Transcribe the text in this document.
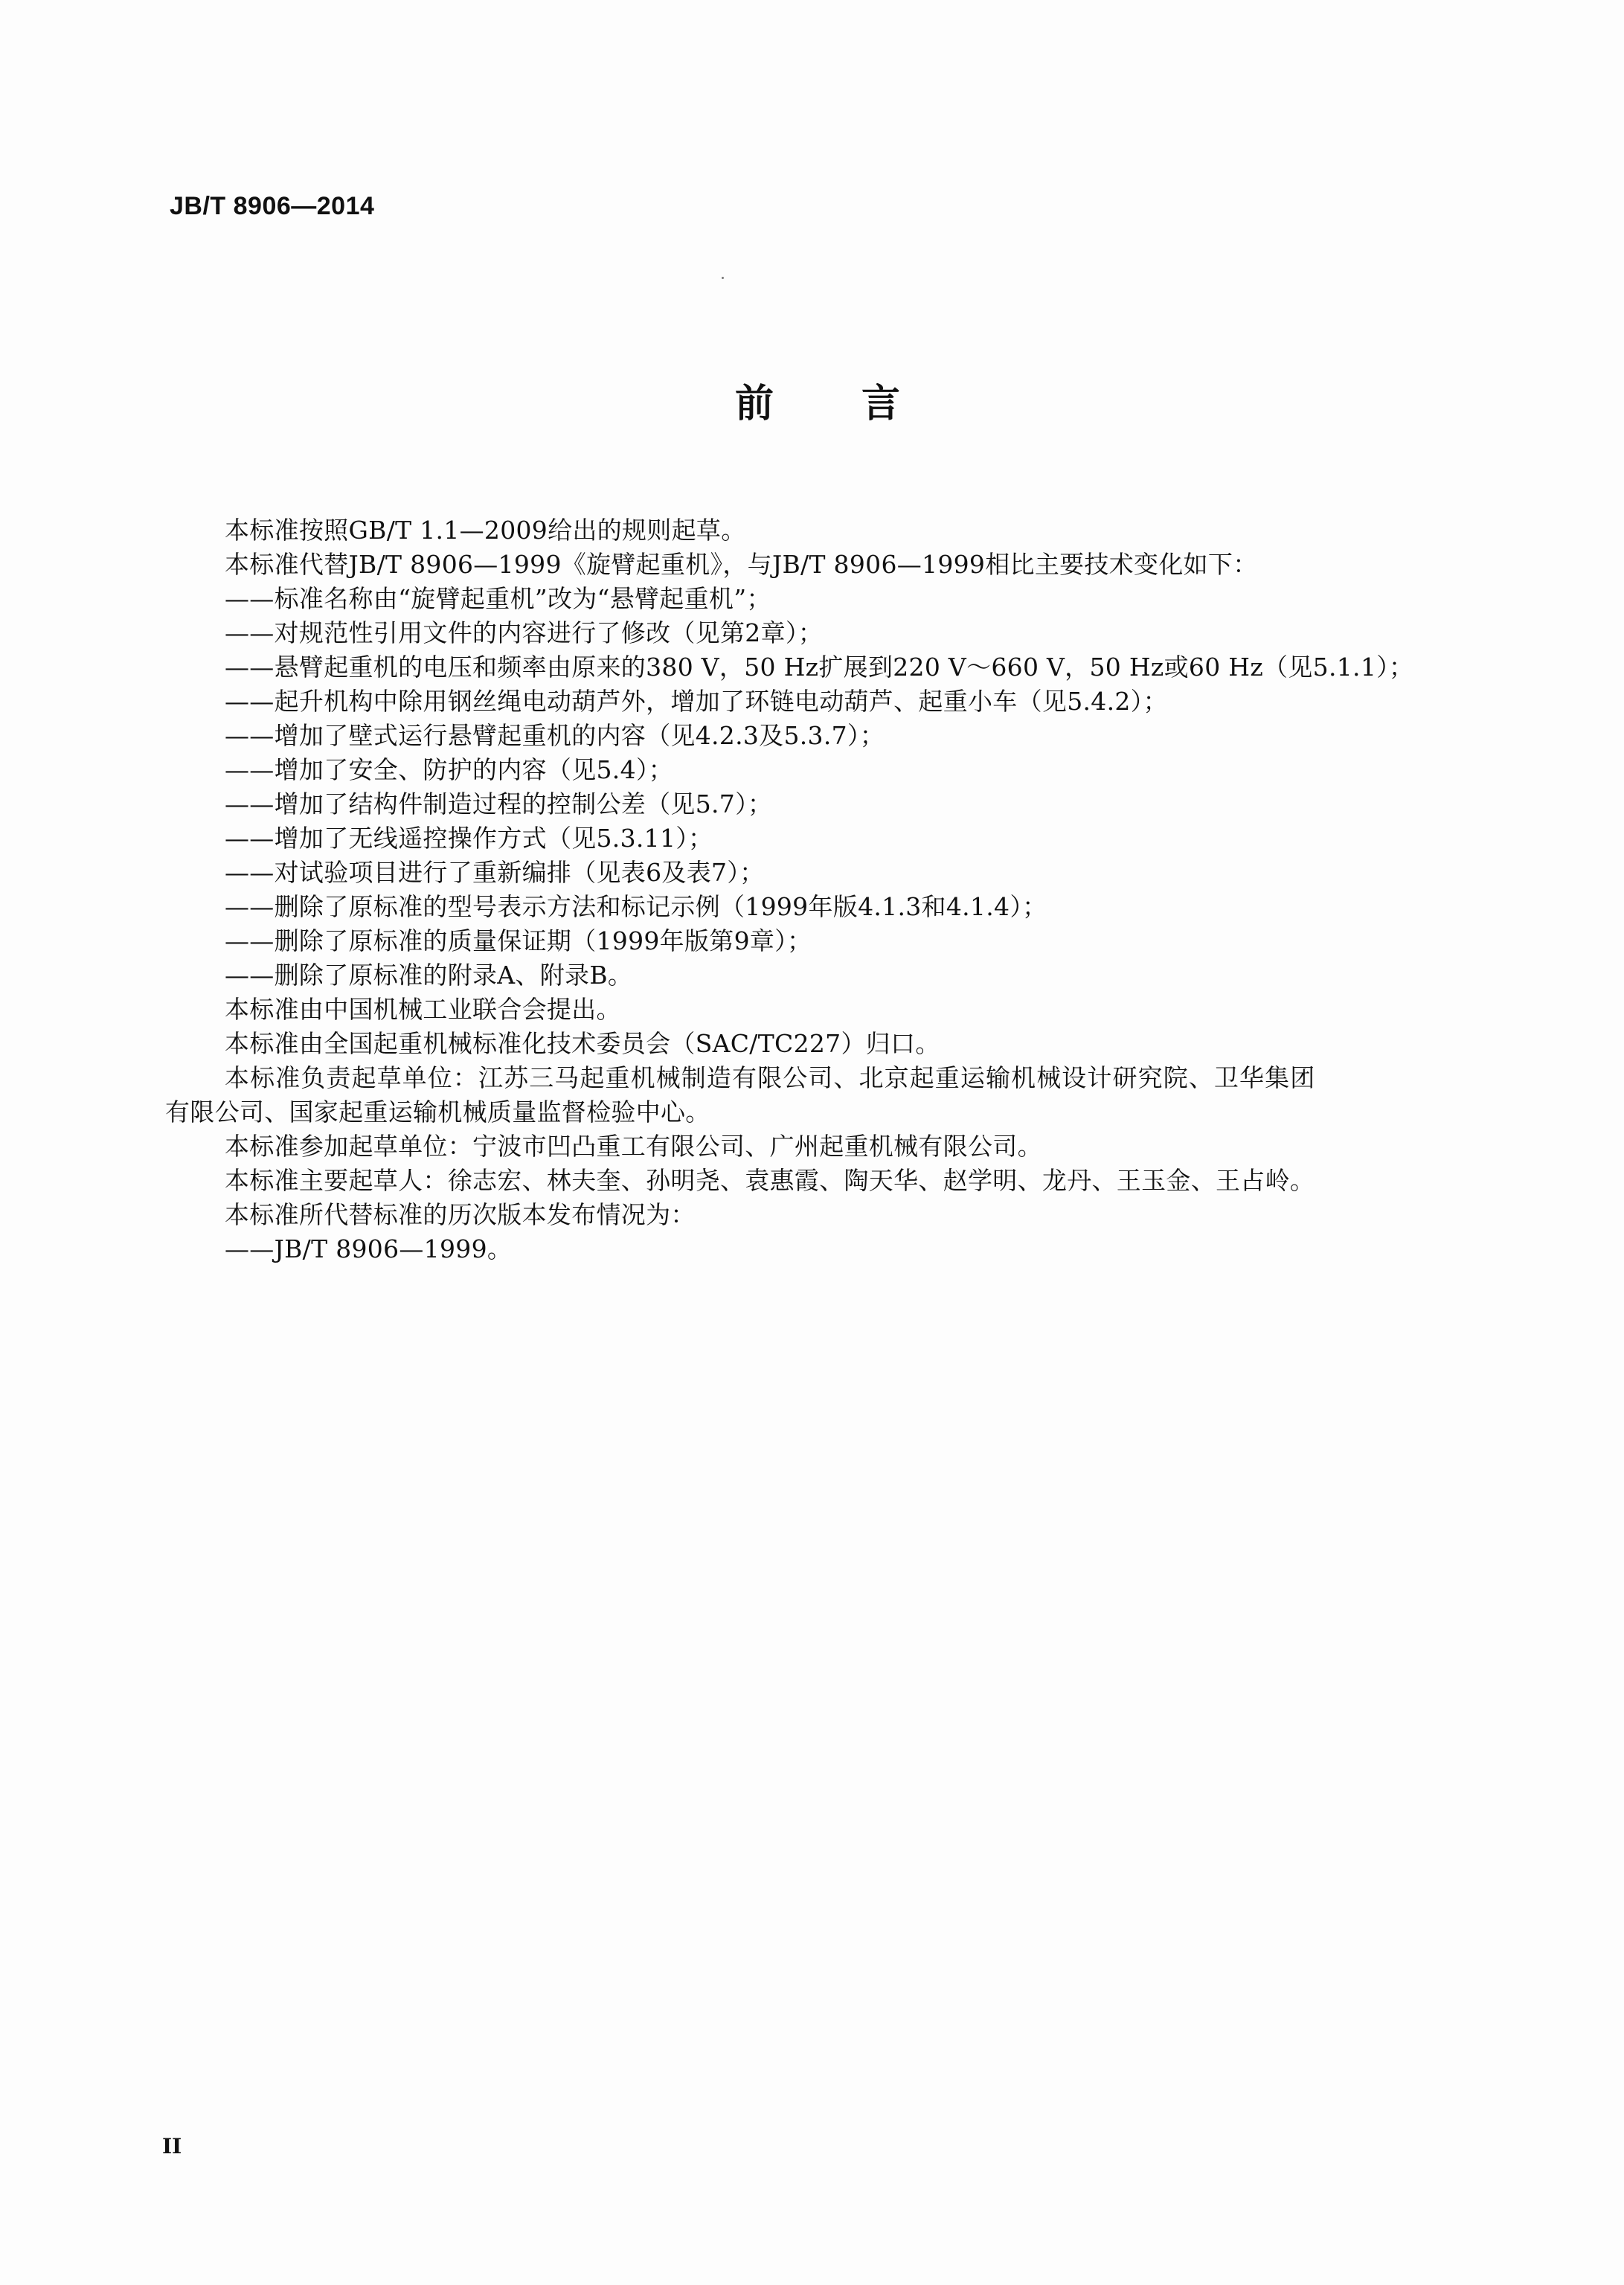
JB/T 8906—2014
前言
本标准按照GB/T 1.1—2009给出的规则起草。
本标准代替JB/T 8906—1999《旋臂起重机》，与JB/T 8906—1999相比主要技术变化如下：
——标准名称由“旋臂起重机”改为“悬臂起重机”；
——对规范性引用文件的内容进行了修改（见第2章）；
——悬臂起重机的电压和频率由原来的380 V，50 Hz扩展到220 V～660 V，50 Hz或60 Hz（见5.1.1）；
——起升机构中除用钢丝绳电动葫芦外，增加了环链电动葫芦、起重小车（见5.4.2）；
——增加了壁式运行悬臂起重机的内容（见4.2.3及5.3.7）；
——增加了安全、防护的内容（见5.4）；
——增加了结构件制造过程的控制公差（见5.7）；
——增加了无线遥控操作方式（见5.3.11）；
——对试验项目进行了重新编排（见表6及表7）；
——删除了原标准的型号表示方法和标记示例（1999年版4.1.3和4.1.4）；
——删除了原标准的质量保证期（1999年版第9章）；
——删除了原标准的附录A、附录B。
本标准由中国机械工业联合会提出。
本标准由全国起重机械标准化技术委员会（SAC/TC227）归口。
本标准负责起草单位：江苏三马起重机械制造有限公司、北京起重运输机械设计研究院、卫华集团
有限公司、国家起重运输机械质量监督检验中心。
本标准参加起草单位：宁波市凹凸重工有限公司、广州起重机械有限公司。
本标准主要起草人：徐志宏、林夫奎、孙明尧、袁惠霞、陶天华、赵学明、龙丹、王玉金、王占岭。
本标准所代替标准的历次版本发布情况为：
——JB/T 8906—1999。
II
